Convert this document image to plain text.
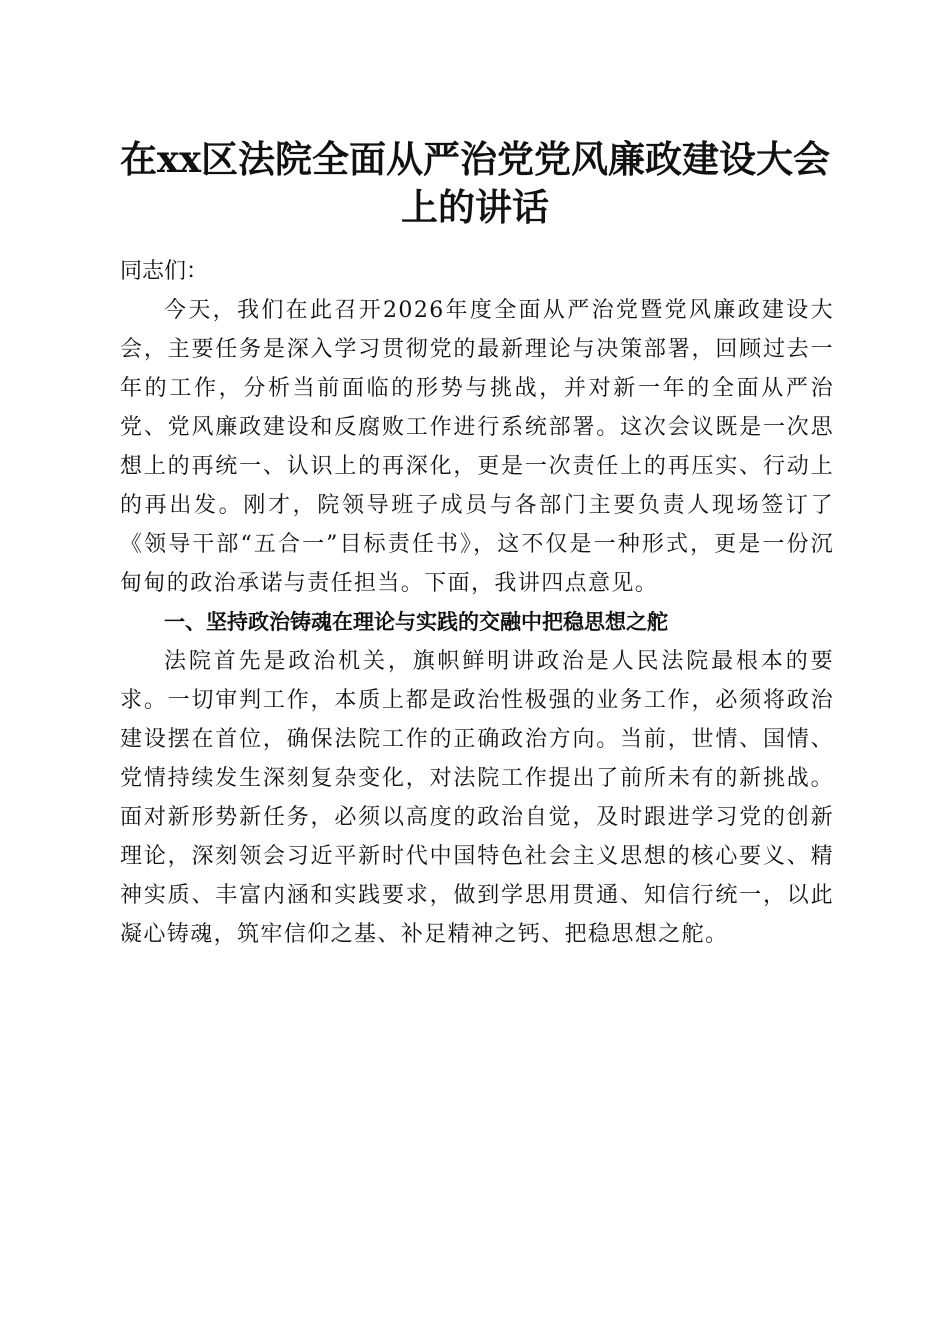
在xx区法院全面从严治党党风廉政建设大会
上的讲话

同志们：

今天，我们在此召开2026年度全面从严治党暨党风廉政建设大会，主要任务是深入学习贯彻党的最新理论与决策部署，回顾过去一年的工作，分析当前面临的形势与挑战，并对新一年的全面从严治党、党风廉政建设和反腐败工作进行系统部署。这次会议既是一次思想上的再统一、认识上的再深化，更是一次责任上的再压实、行动上的再出发。刚才，院领导班子成员与各部门主要负责人现场签订了《领导干部“五合一”目标责任书》，这不仅是一种形式，更是一份沉甸甸的政治承诺与责任担当。下面，我讲四点意见。

一、坚持政治铸魂在理论与实践的交融中把稳思想之舵

法院首先是政治机关，旗帜鲜明讲政治是人民法院最根本的要求。一切审判工作，本质上都是政治性极强的业务工作，必须将政治建设摆在首位，确保法院工作的正确政治方向。当前，世情、国情、党情持续发生深刻复杂变化，对法院工作提出了前所未有的新挑战。面对新形势新任务，必须以高度的政治自觉，及时跟进学习党的创新理论，深刻领会习近平新时代中国特色社会主义思想的核心要义、精神实质、丰富内涵和实践要求，做到学思用贯通、知信行统一，以此凝心铸魂，筑牢信仰之基、补足精神之钙、把稳思想之舵。
